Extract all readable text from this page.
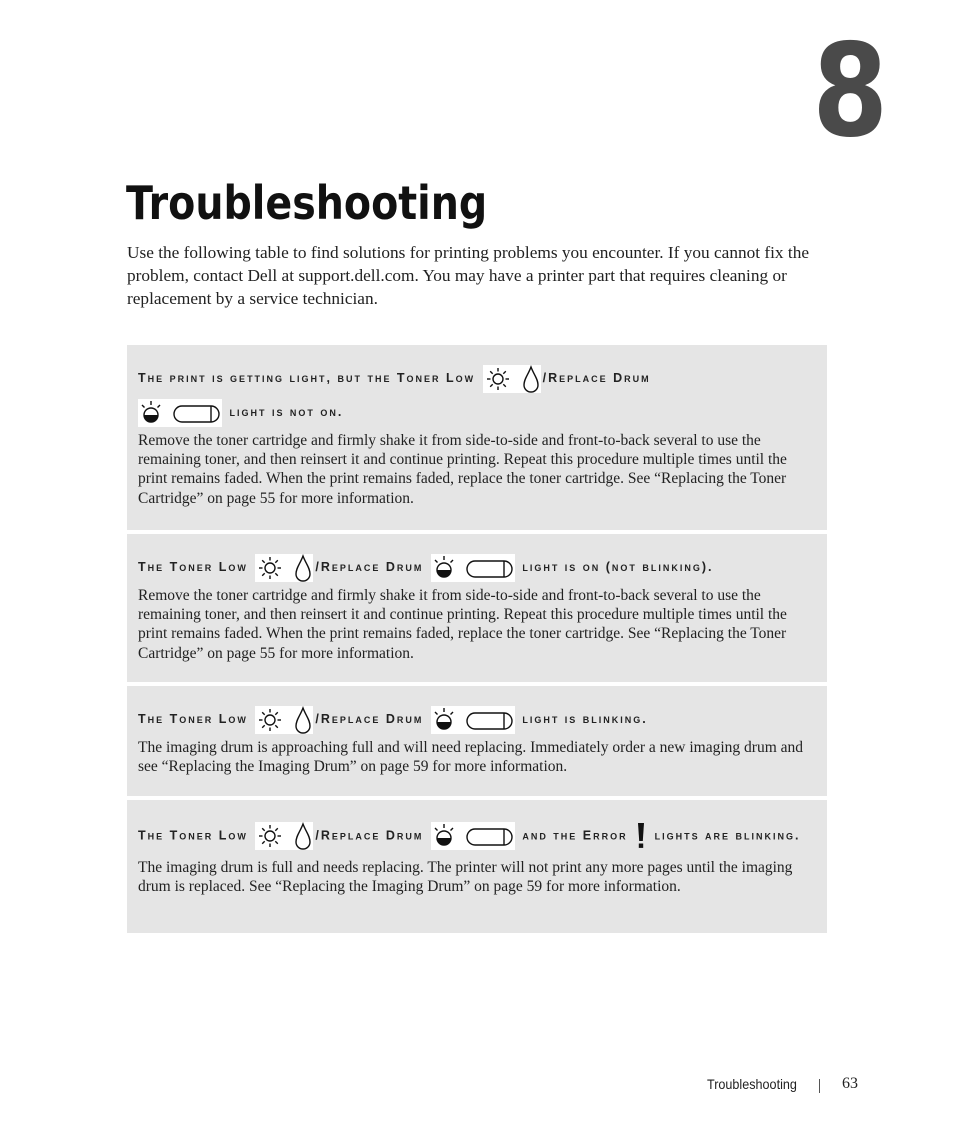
8
Troubleshooting

Use the following table to find solutions for printing problems you encounter. If you cannot fix the problem, contact Dell at support.dell.com. You may have a printer part that requires cleaning or replacement by a service technician.

The print is getting light, but the Toner Low	/Replace Drum
light is not on.

Remove the toner cartridge and firmly shake it from side-to-side and front-to-back several to use the remaining toner, and then reinsert it and continue printing. Repeat this procedure multiple times until the print remains faded. When the print remains faded, replace the toner cartridge. See “Replacing the Toner Cartridge” on page 55 for more information.

The Toner Low	/Replace Drum	light is on (not blinking).

Remove the toner cartridge and firmly shake it from side-to-side and front-to-back several to use the remaining toner, and then reinsert it and continue printing. Repeat this procedure multiple times until the print remains faded. When the print remains faded, replace the toner cartridge. See “Replacing the Toner Cartridge” on page 55 for more information.

The Toner Low	/Replace Drum	light is blinking.

The imaging drum is approaching full and will need replacing. Immediately order a new imaging drum and see “Replacing the Imaging Drum” on page 59 for more information.

The Toner Low	/Replace Drum	and the Error lights are blinking.

The imaging drum is full and needs replacing. The printer will not print any more pages until the imaging drum is replaced. See “Replacing the Imaging Drum” on page 59 for more information.

Troubleshooting	63
